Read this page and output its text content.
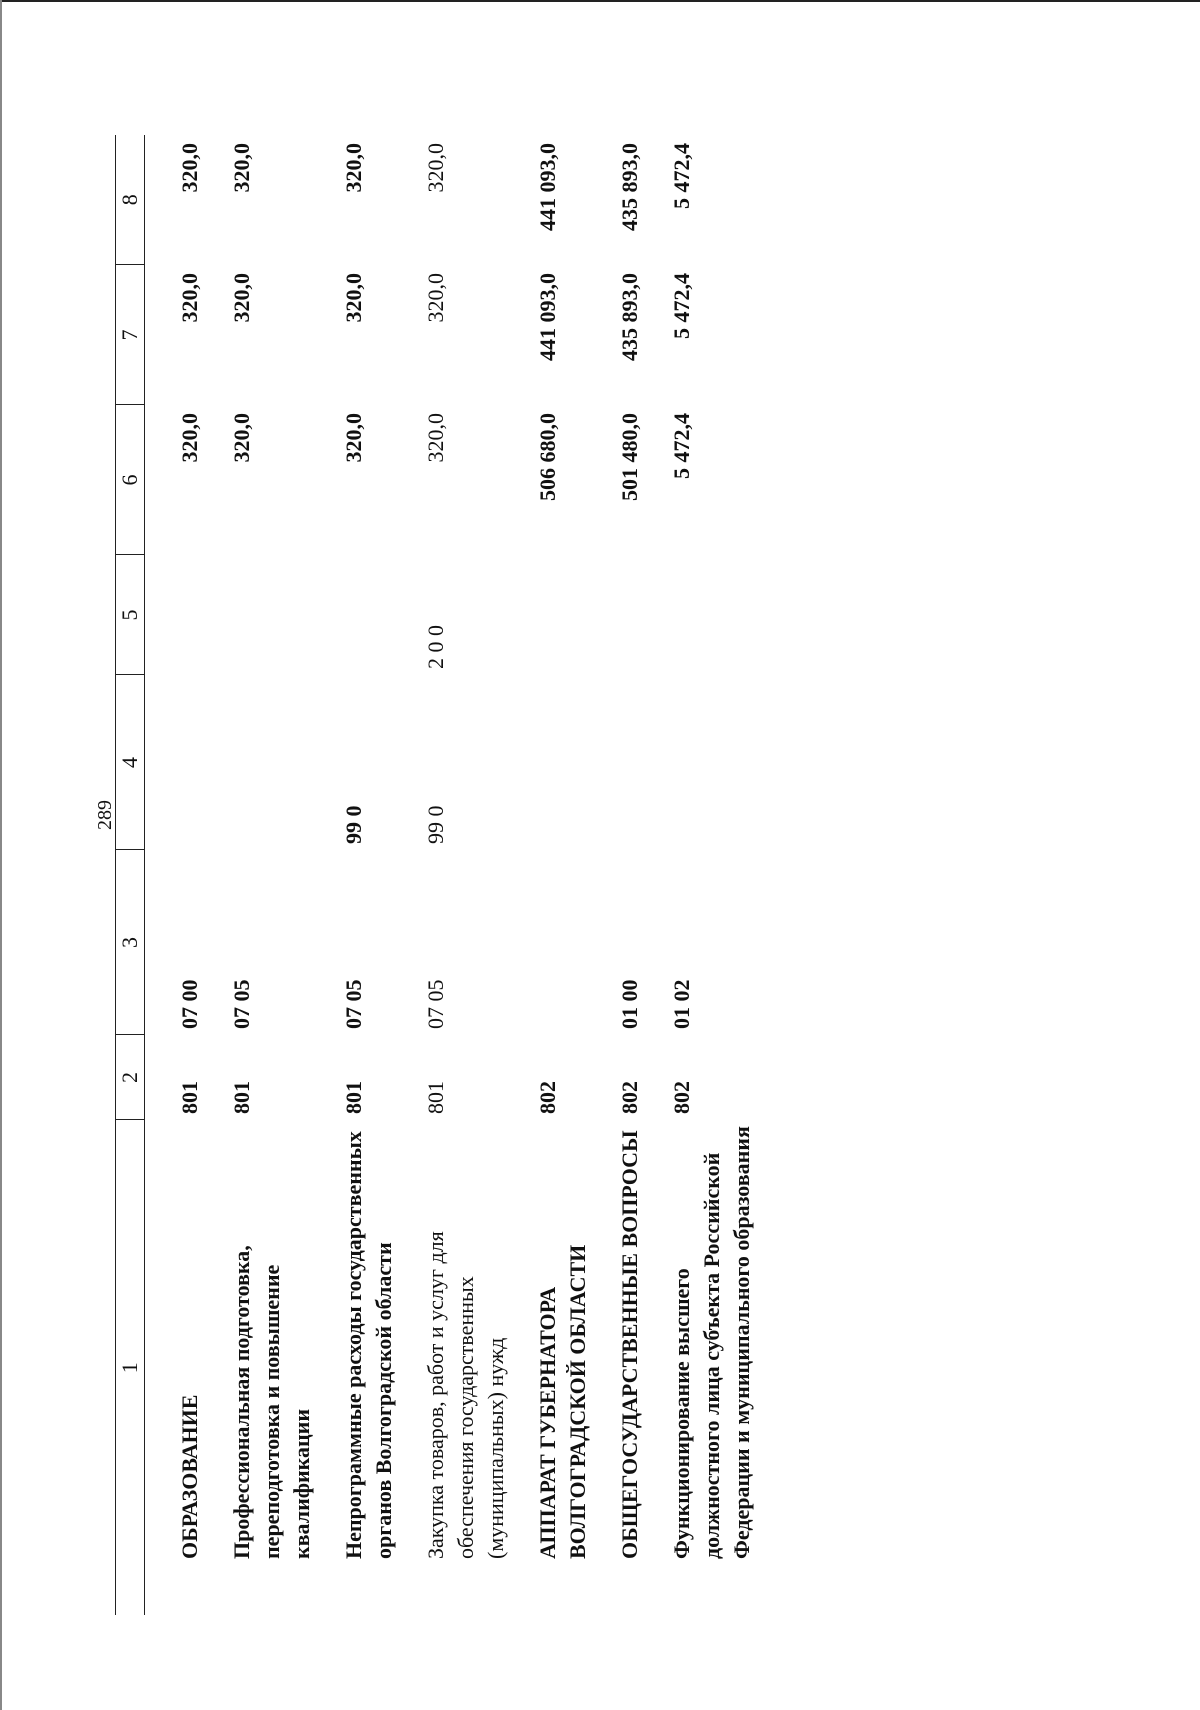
289
1	2	3	4	5	6	7	8
ОБРАЗОВАНИЕ	801	07 00			320,0	320,0	320,0
Профессиональная подготовка, переподготовка и повышение квалификации	801	07 05			320,0	320,0	320,0
Непрограммные расходы государственных органов Волгоградской области	801	07 05	99 0		320,0	320,0	320,0
Закупка товаров, работ и услуг для обеспечения государственных (муниципальных) нужд	801	07 05	99 0	2 0 0	320,0	320,0	320,0
АППАРАТ ГУБЕРНАТОРА ВОЛГОГРАДСКОЙ ОБЛАСТИ	802				506 680,0	441 093,0	441 093,0
ОБЩЕГОСУДАРСТВЕННЫЕ ВОПРОСЫ	802	01 00			501 480,0	435 893,0	435 893,0
Функционирование высшего должностного лица субъекта Российской Федерации и муниципального образования	802	01 02			5 472,4	5 472,4	5 472,4
